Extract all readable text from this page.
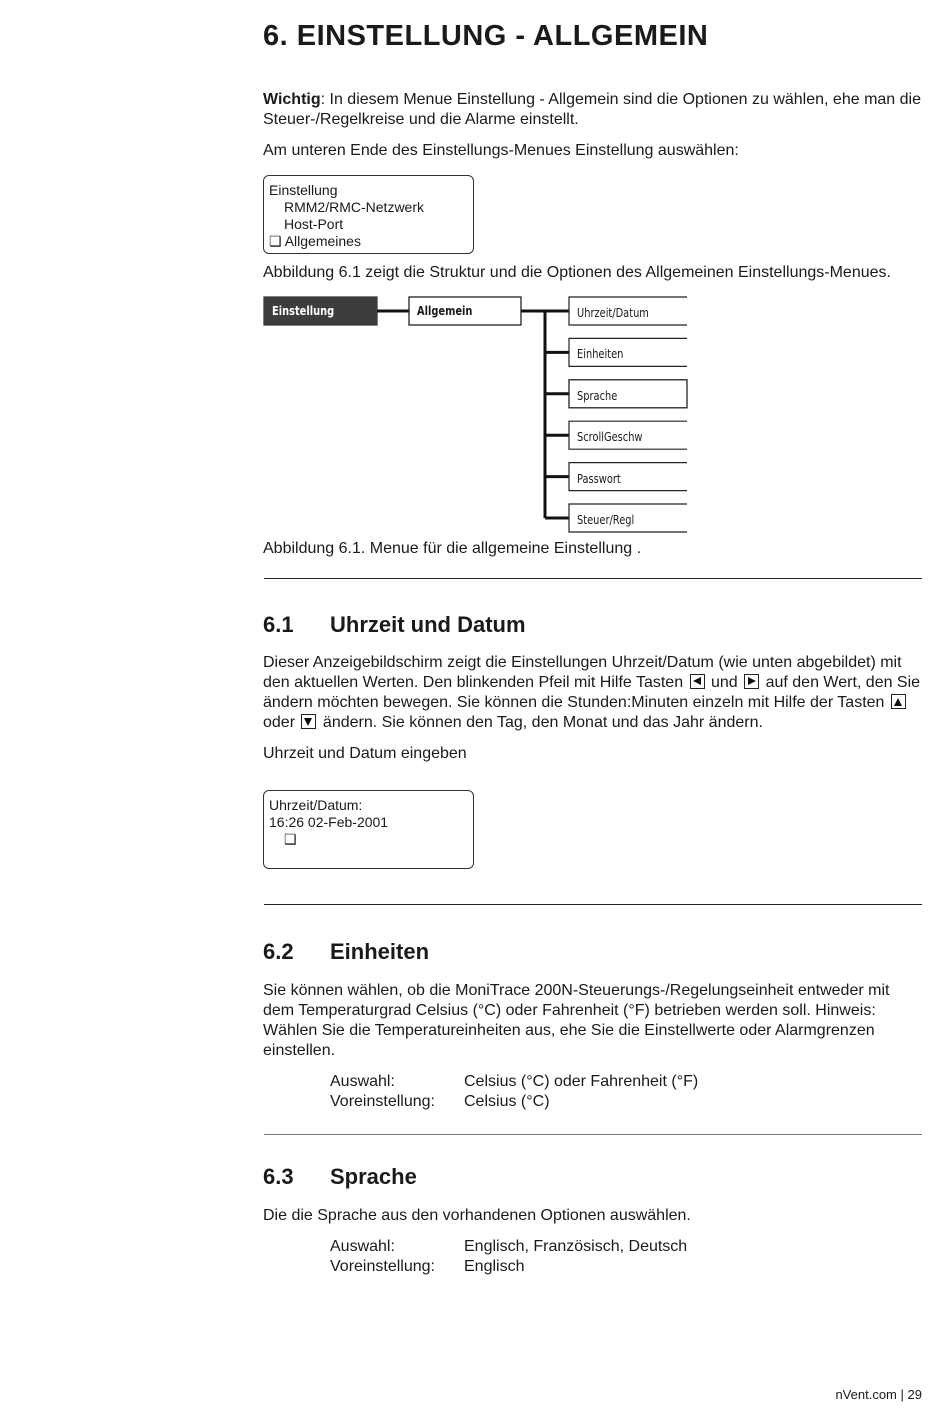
6. EINSTELLUNG - ALLGEMEIN

Wichtig: In diesem Menue Einstellung - Allgemein sind die Optionen zu wählen, ehe man die Steuer-/Regelkreise und die Alarme einstellt.

Am unteren Ende des Einstellungs-Menues Einstellung auswählen:

Einstellung
RMM2/RMC-Netzwerk
Host-Port
❑ Allgemeines

Abbildung 6.1 zeigt die Struktur und die Optionen des Allgemeinen Einstellungs-Menues.

Einstellung	Allgemein	Uhrzeit/Datum
Einheiten
Sprache
ScrollGeschw
Passwort
Steuer/Regl

Abbildung 6.1. Menue für die allgemeine Einstellung .

6.1 Uhrzeit und Datum

Dieser Anzeigebildschirm zeigt die Einstellungen Uhrzeit/Datum (wie unten abgebildet) mit den aktuellen Werten. Den blinkenden Pfeil mit Hilfe Tasten  und  auf den Wert, den Sie ändern möchten bewegen. Sie können die Stunden:Minuten einzeln mit Hilfe der Tasten  oder  ändern. Sie können den Tag, den Monat und das Jahr ändern.

Uhrzeit und Datum eingeben

Uhrzeit/Datum:
16:26 02-Feb-2001
❑
6.2 Einheiten

Sie können wählen, ob die MoniTrace 200N-Steuerungs-/Regelungseinheit entweder mit dem Temperaturgrad Celsius (°C) oder Fahrenheit (°F) betrieben werden soll. Hinweis: Wählen Sie die Temperatureinheiten aus, ehe Sie die Einstellwerte oder Alarmgrenzen einstellen.

Auswahl:	Celsius (°C) oder Fahrenheit (°F)
Voreinstellung: Celsius (°C)
6.3 Sprache

Die die Sprache aus den vorhandenen Optionen auswählen.

Auswahl:	Englisch, Französisch, Deutsch
Voreinstellung: Englisch
nVent.com | 29
